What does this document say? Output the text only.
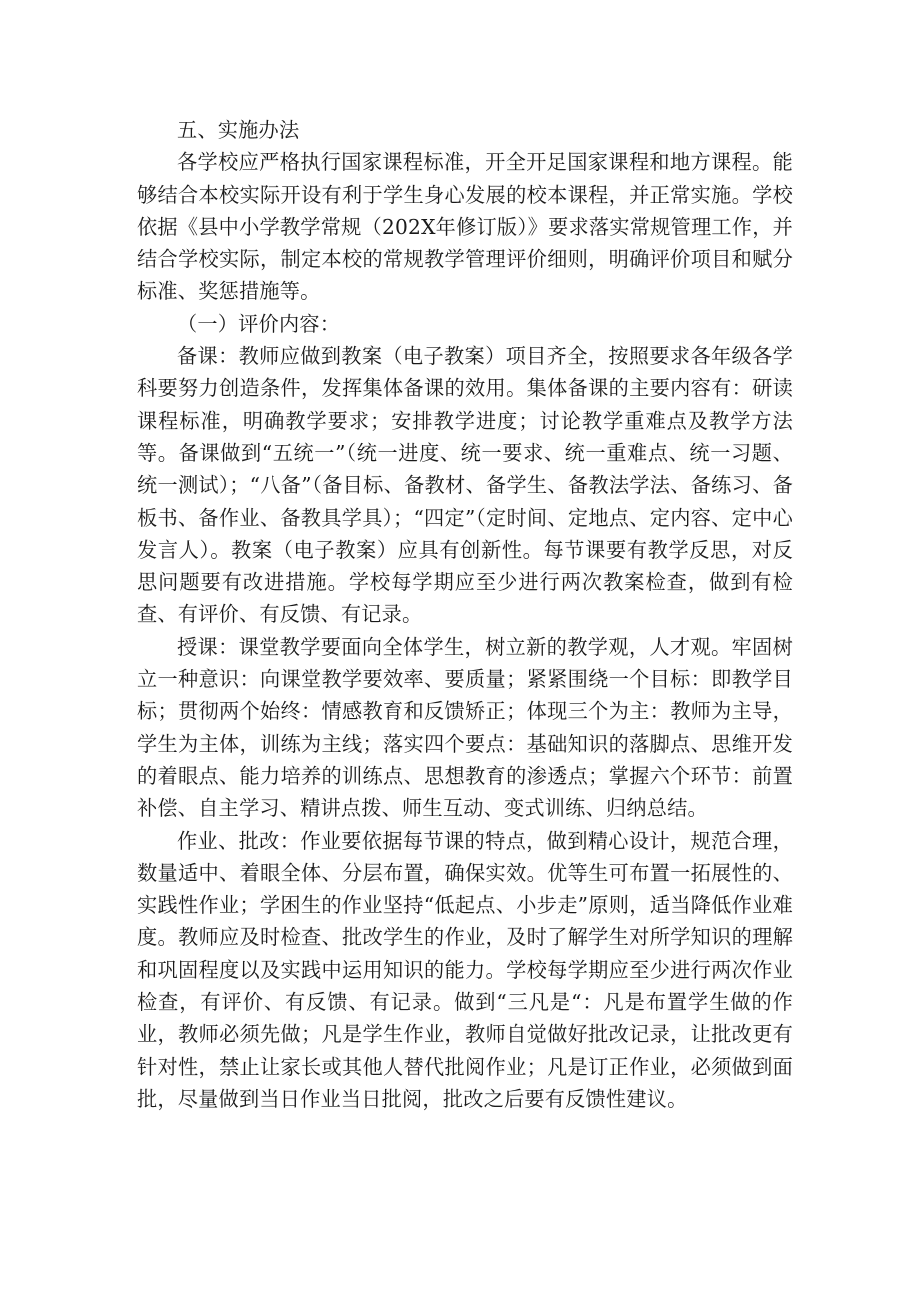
五、实施办法

各学校应严格执行国家课程标准，开全开足国家课程和地方课程。能够结合本校实际开设有利于学生身心发展的校本课程，并正常实施。学校依据《县中小学教学常规（202X年修订版）》要求落实常规管理工作，并结合学校实际，制定本校的常规教学管理评价细则，明确评价项目和赋分标准、奖惩措施等。

（一）评价内容：

备课：教师应做到教案（电子教案）项目齐全，按照要求各年级各学科要努力创造条件，发挥集体备课的效用。集体备课的主要内容有：研读课程标准，明确教学要求；安排教学进度；讨论教学重难点及教学方法等。备课做到“五统一”（统一进度、统一要求、统一重难点、统一习题、统一测试）；“八备”（备目标、备教材、备学生、备教法学法、备练习、备板书、备作业、备教具学具）；“四定”（定时间、定地点、定内容、定中心发言人）。教案（电子教案）应具有创新性。每节课要有教学反思，对反思问题要有改进措施。学校每学期应至少进行两次教案检查，做到有检查、有评价、有反馈、有记录。

授课：课堂教学要面向全体学生，树立新的教学观，人才观。牢固树立一种意识：向课堂教学要效率、要质量；紧紧围绕一个目标：即教学目标；贯彻两个始终：情感教育和反馈矫正；体现三个为主：教师为主导，学生为主体，训练为主线；落实四个要点：基础知识的落脚点、思维开发的着眼点、能力培养的训练点、思想教育的渗透点；掌握六个环节：前置补偿、自主学习、精讲点拨、师生互动、变式训练、归纳总结。

作业、批改：作业要依据每节课的特点，做到精心设计，规范合理，数量适中、着眼全体、分层布置，确保实效。优等生可布置一拓展性的、实践性作业；学困生的作业坚持“低起点、小步走”原则，适当降低作业难度。教师应及时检查、批改学生的作业，及时了解学生对所学知识的理解和巩固程度以及实践中运用知识的能力。学校每学期应至少进行两次作业检查，有评价、有反馈、有记录。做到“三凡是“：凡是布置学生做的作业，教师必须先做；凡是学生作业，教师自觉做好批改记录，让批改更有针对性，禁止让家长或其他人替代批阅作业；凡是订正作业，必须做到面批，尽量做到当日作业当日批阅，批改之后要有反馈性建议。
